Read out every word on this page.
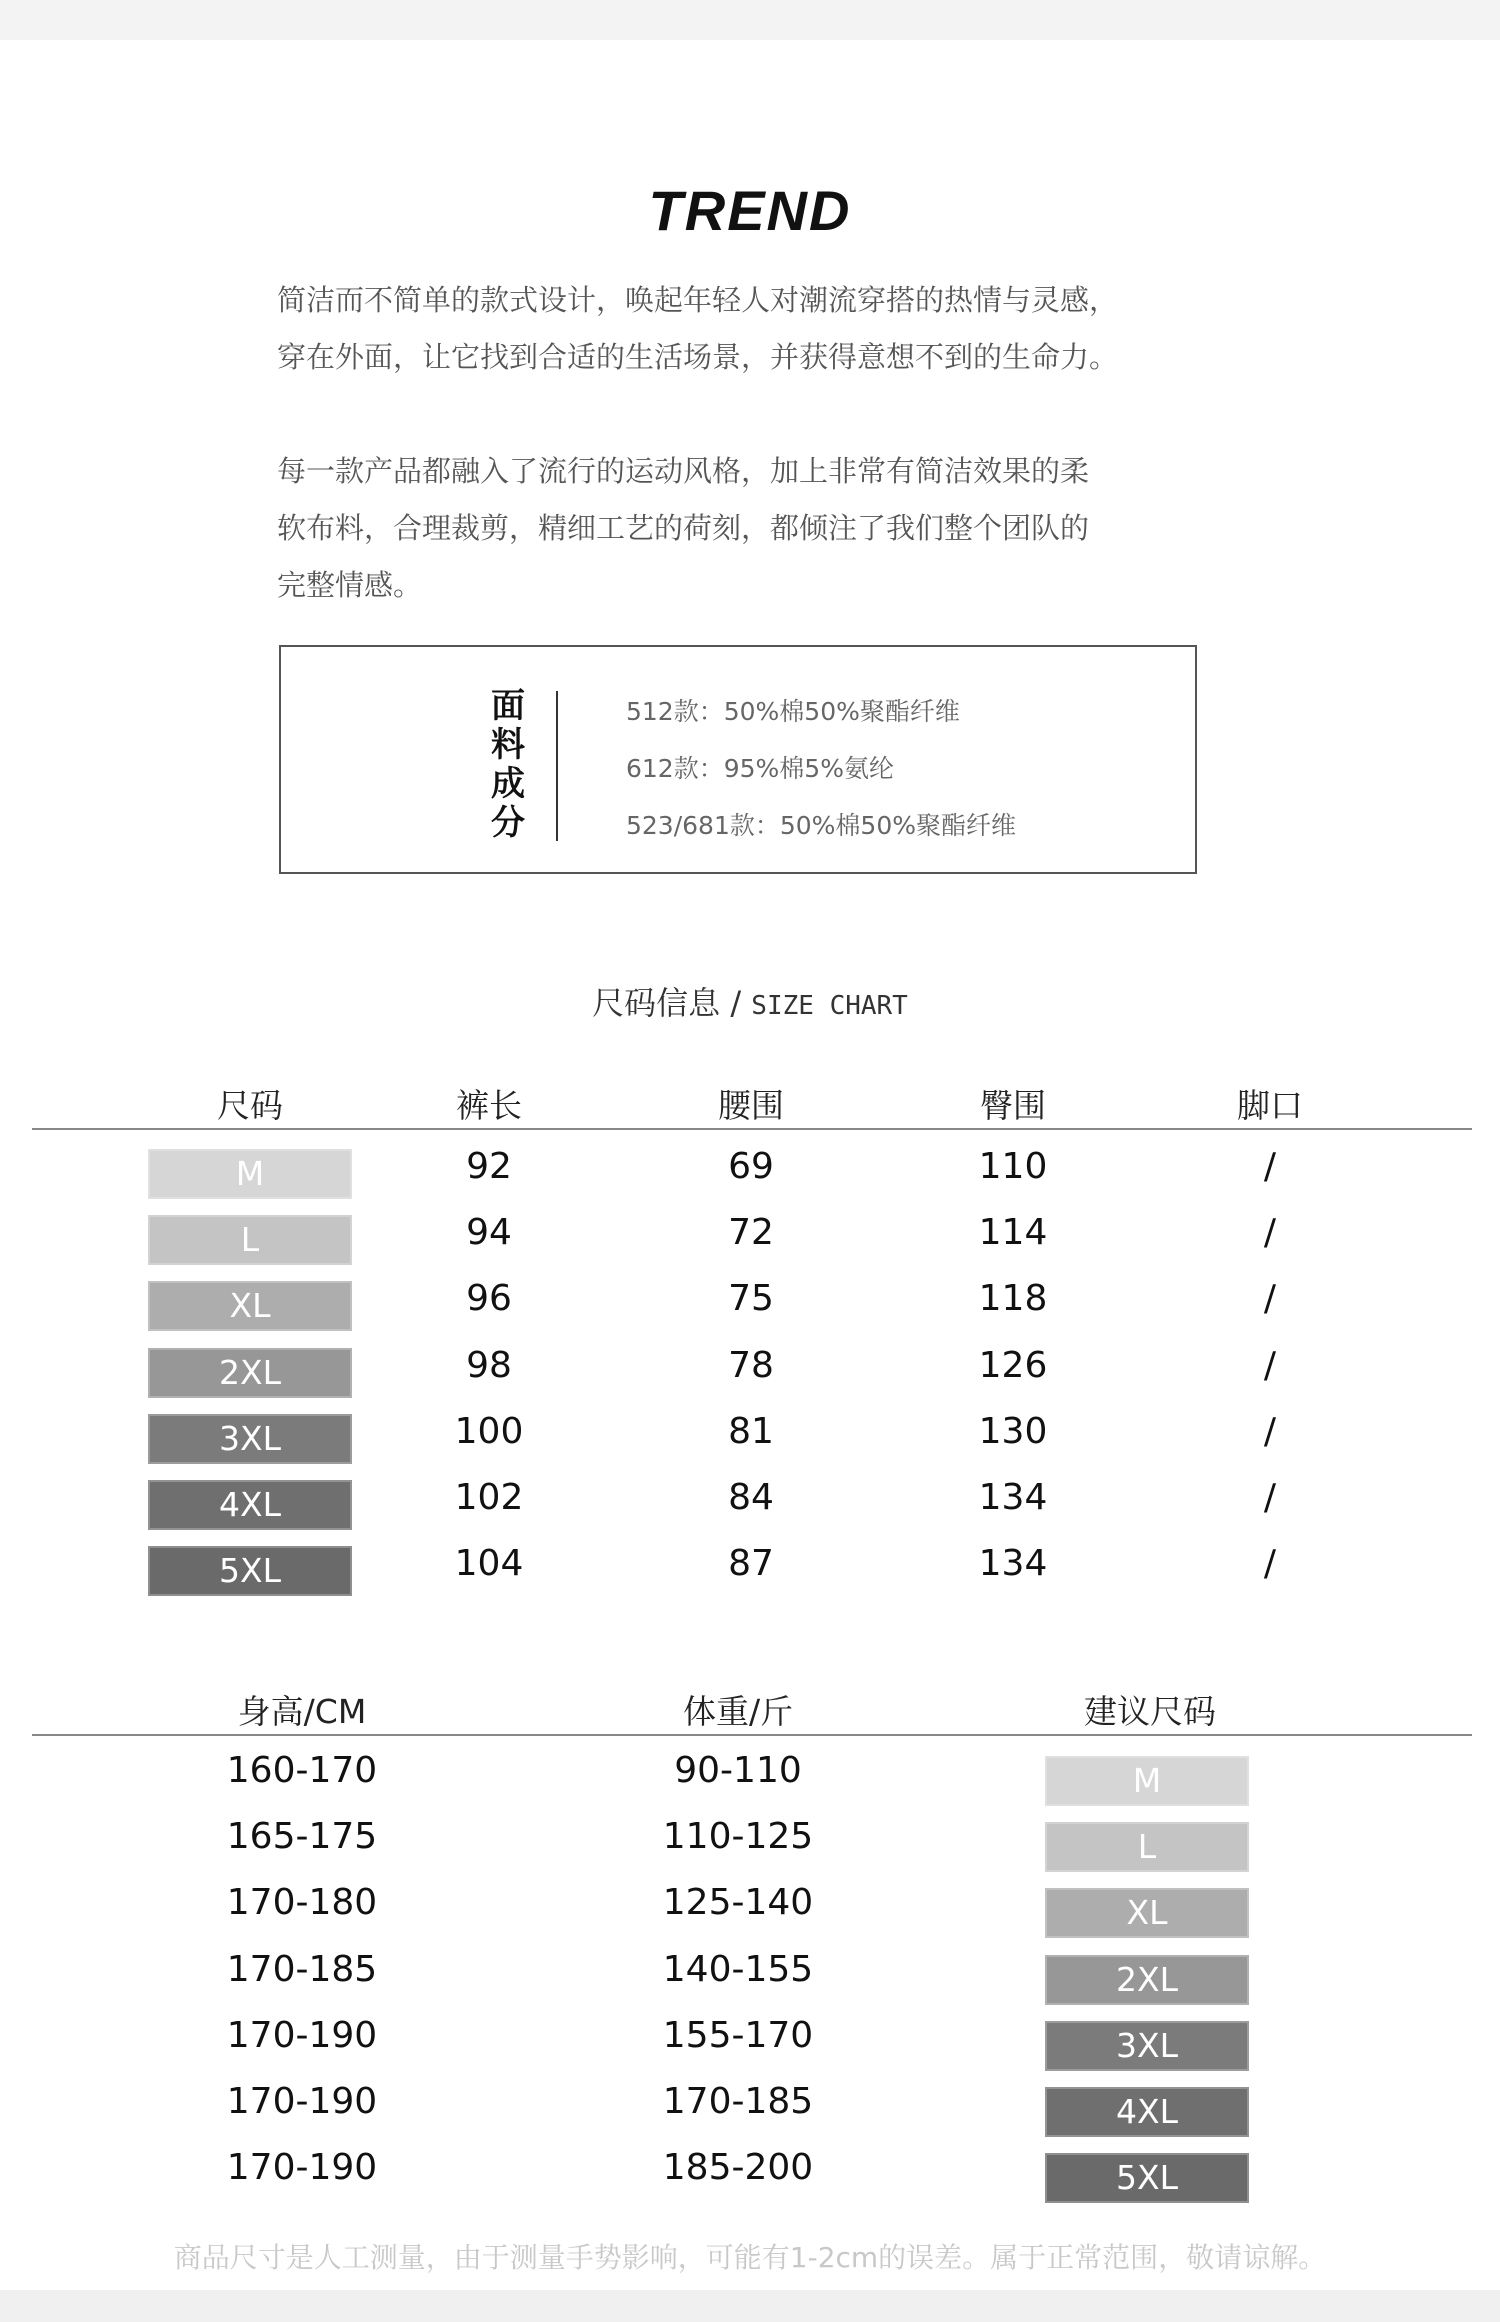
TREND

简洁而不简单的款式设计，唤起年轻人对潮流穿搭的热情与灵感，

穿在外面，让它找到合适的生活场景，并获得意想不到的生命力。

每一款产品都融入了流行的运动风格，加上非常有简洁效果的柔

软布料，合理裁剪，精细工艺的荷刻，都倾注了我们整个团队的

完整情感。

面
料
成
分

512款：50%棉50%聚酯纤维

612款：95%棉5%氨纶

523/681款：50%棉50%聚酯纤维

尺码信息 / SIZE CHART
尺码	裤长	腰围	臀围	脚口
M	92	69	110	/
L	94	72	114	/
XL	96	75	118	/
2XL	98	78	126	/
3XL	100	81	130	/
4XL	102	84	134	/
5XL	104	87	134	/
身高/CM	体重/斤	建议尺码
160-170	90-110	M
165-175	110-125	L
170-180	125-140	XL
170-185	140-155	2XL
170-190	155-170	3XL
170-190	170-185	4XL
170-190	185-200	5XL
商品尺寸是人工测量，由于测量手势影响，可能有1-2cm的误差。属于正常范围，敬请谅解。
